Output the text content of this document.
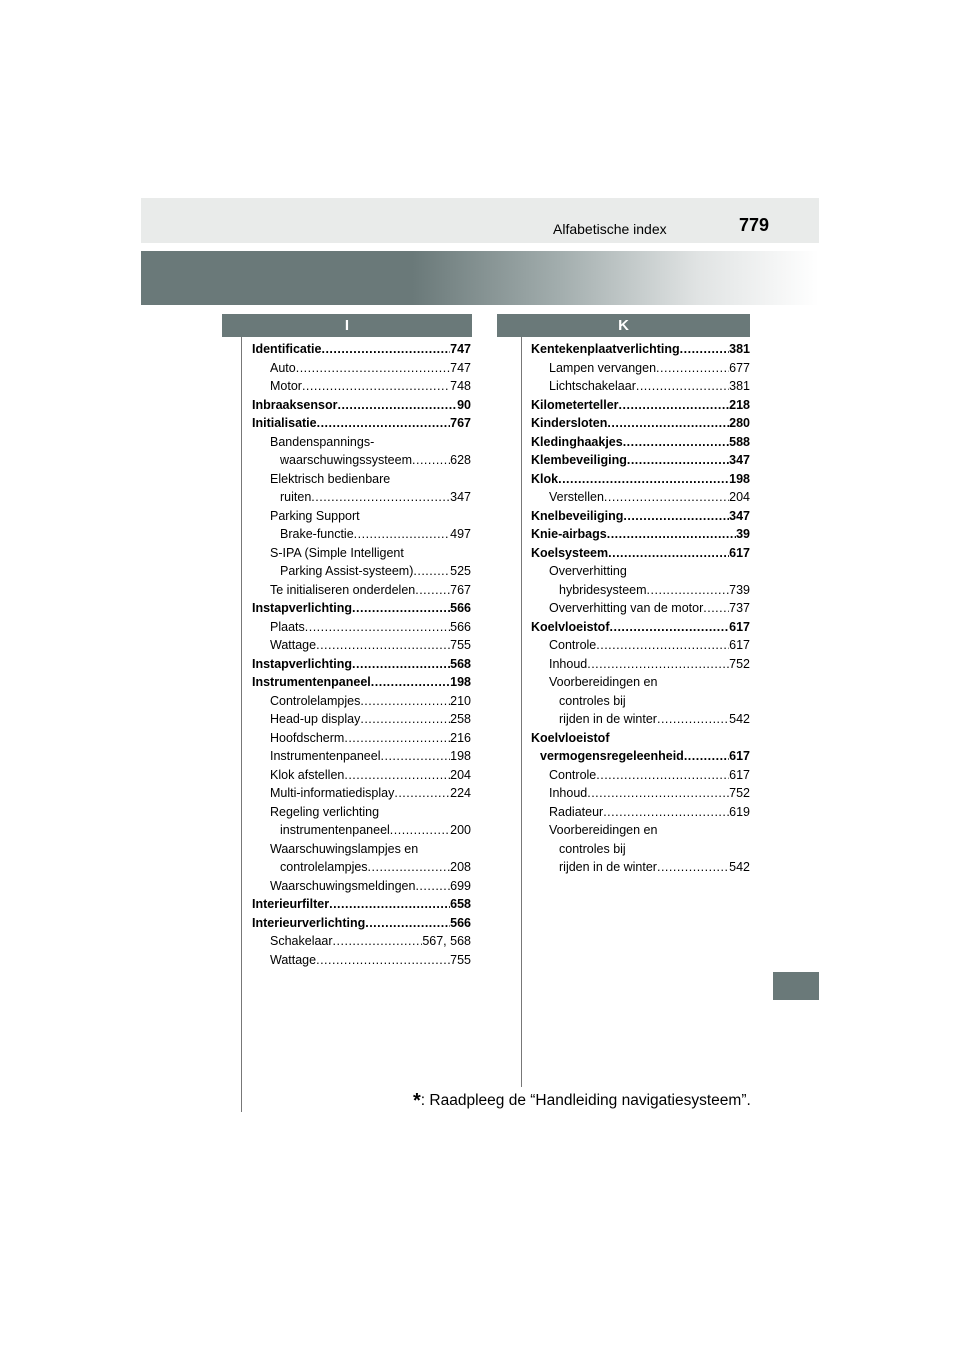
Alfabetische index	779
I	K
Identificatie .....	747
Auto .....	747
Motor .....	748
Inbraaksensor .....	90
Initialisatie .....	767
Bandenspannings-
waarschuwingssysteem .....	628
Elektrisch bedienbare
ruiten .....	347
Parking Support
Brake-functie .....	497
S-IPA (Simple Intelligent
Parking Assist-systeem) .....	525
Te initialiseren onderdelen .....	767
Instapverlichting .....	566
Plaats .....	566
Wattage .....	755
Instapverlichting .....	568
Instrumentenpaneel .....	198
Controlelampjes .....	210
Head-up display .....	258
Hoofdscherm .....	216
Instrumentenpaneel .....	198
Klok afstellen .....	204
Multi-informatiedisplay .....	224
Regeling verlichting
instrumentenpaneel .....	200
Waarschuwingslampjes en
controlelampjes .....	208
Waarschuwingsmeldingen .....	699
Interieurfilter .....	658
Interieurverlichting .....	566
Schakelaar .....	567, 568
Wattage .....	755
Kentekenplaatverlichting .....	381
Lampen vervangen .....	677
Lichtschakelaar .....	381
Kilometerteller .....	218
Kindersloten .....	280
Kledinghaakjes .....	588
Klembeveiliging .....	347
Klok .....	198
Verstellen .....	204
Knelbeveiliging .....	347
Knie-airbags .....	39
Koelsysteem .....	617
Oververhitting
hybridesysteem .....	739
Oververhitting van de motor ..... 737
Koelvloeistof .....	617
Controle .....	617
Inhoud .....	752
Voorbereidingen en
controles bij
rijden in de winter .....	542
Koelvloeistof
vermogensregeleenheid .....	617
Controle .....	617
Inhoud .....	752
Radiateur .....	619
Voorbereidingen en
controles bij
rijden in de winter .....	542
*: Raadpleeg de “Handleiding navigatiesysteem”.
